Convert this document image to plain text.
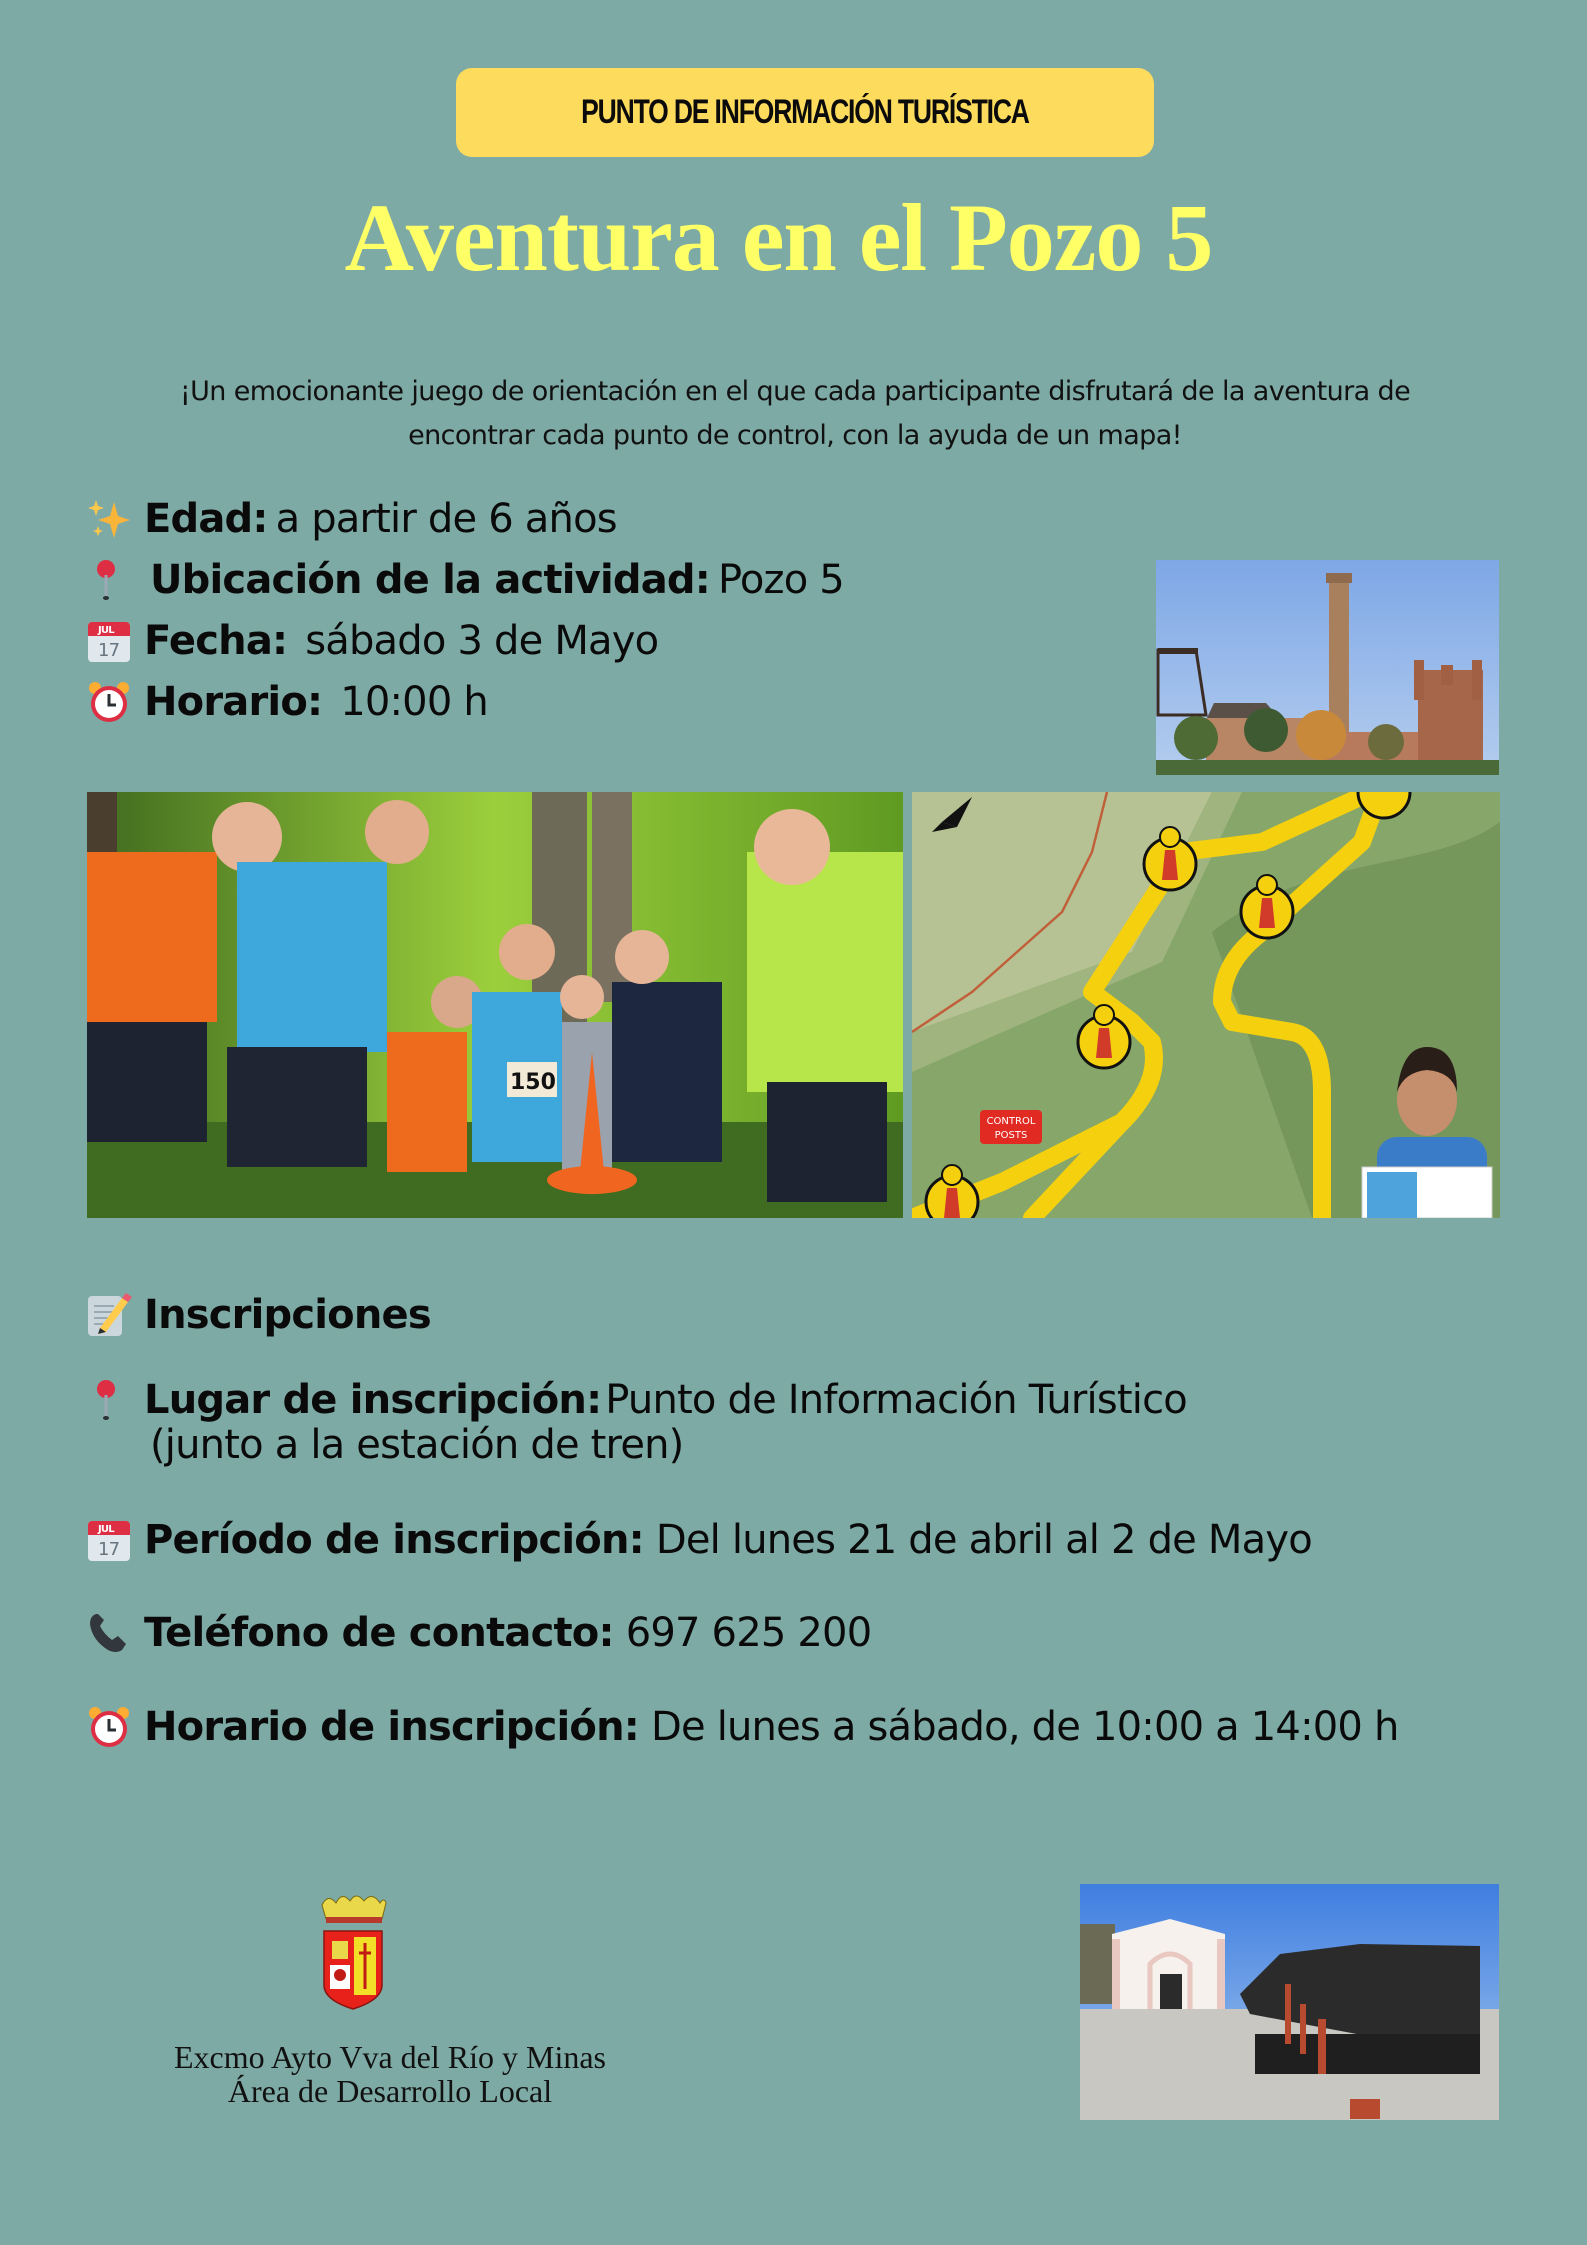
PUNTO DE INFORMACIÓN TURÍSTICA
Aventura en el Pozo 5
¡Un emocionante juego de orientación en el que cada participante disfrutará de la aventura de
encontrar cada punto de control, con la ayuda de un mapa!
Edad: a partir de 6 años
Ubicación de la actividad: Pozo 5
JUL
17 Fecha: sábado 3 de Mayo
Horario: 10:00 h
150
CONTROL
POSTS
Inscripciones
Lugar de inscripción: Punto de Información Turístico
(junto a la estación de tren)
JUL
17 Período de inscripción: Del lunes 21 de abril al 2 de Mayo
Teléfono de contacto: 697 625 200
Horario de inscripción: De lunes a sábado, de 10:00 a 14:00 h
Excmo Ayto Vva del Río y Minas
Área de Desarrollo Local
